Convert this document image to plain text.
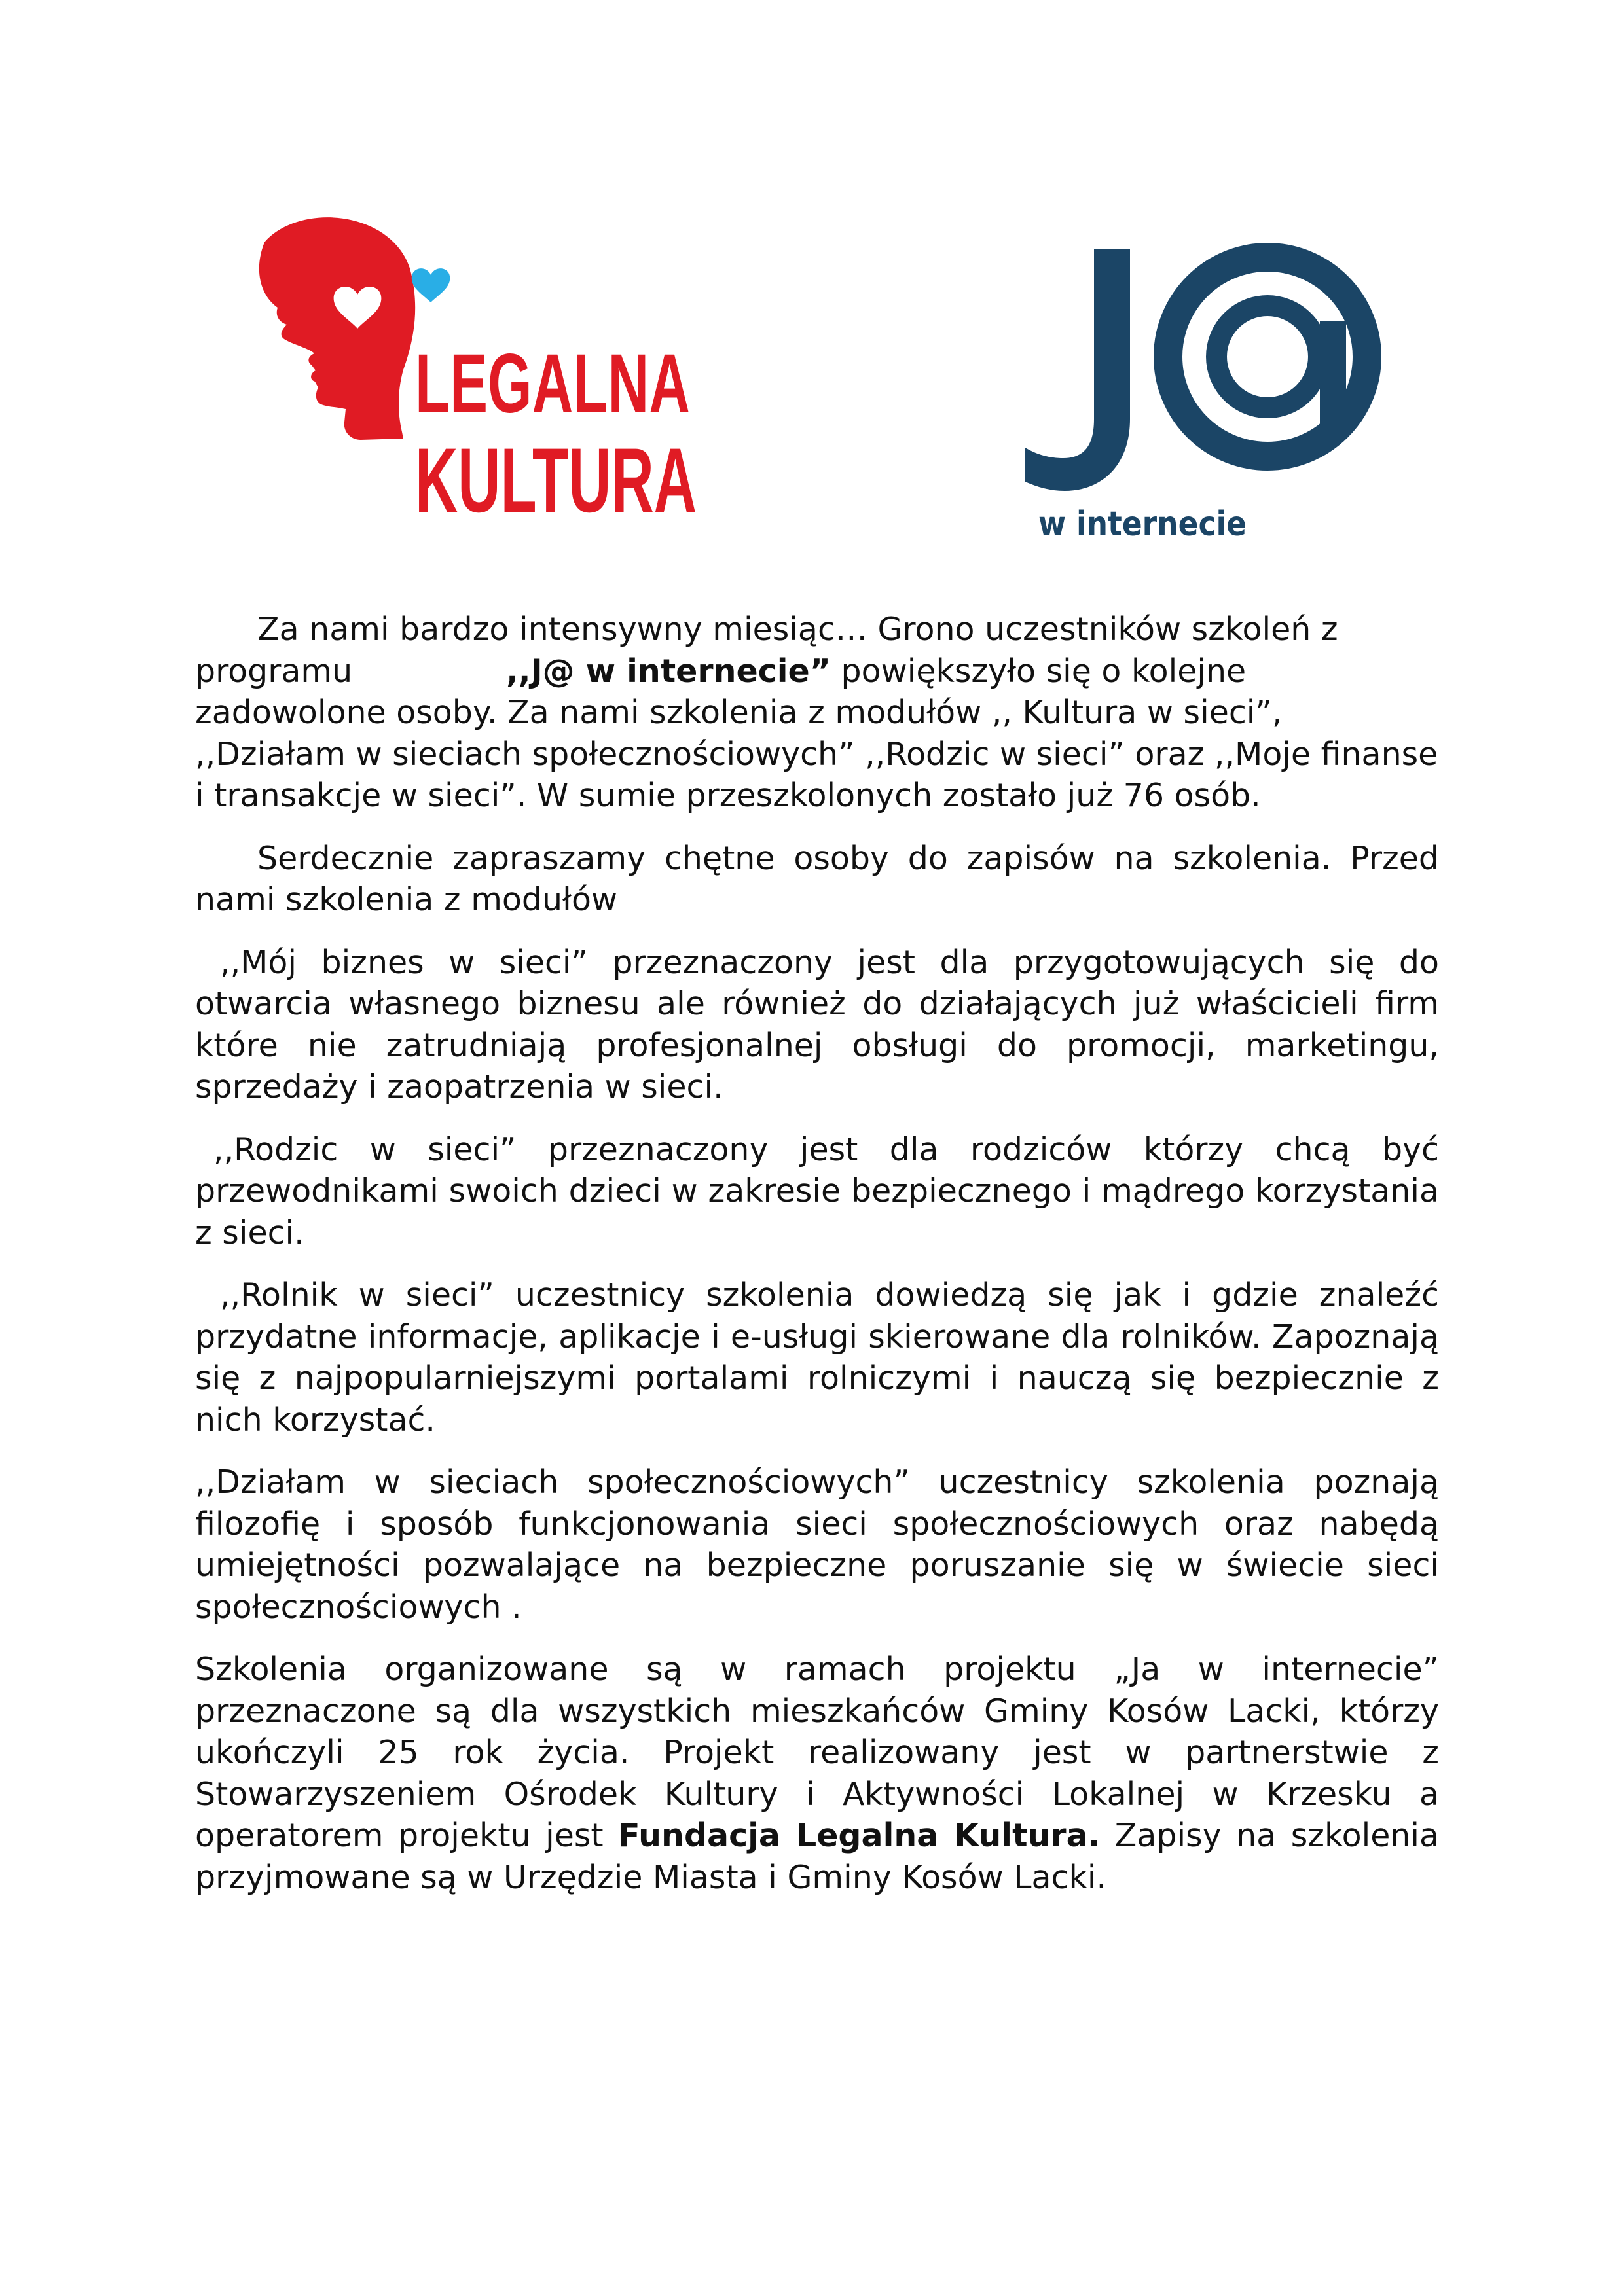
LEGALNA
KULTURA	w internecie

Za nami bardzo intensywny miesiąc… Grono uczestników szkoleń z programu	,,J@ w internecie” powiększyło się o kolejne zadowolone osoby. Za nami szkolenia z modułów ,, Kultura w sieci”, ,,Działam w sieciach społecznościowych” ,,Rodzic w sieci” oraz ,,Moje finanse i transakcje w sieci”. W sumie przeszkolonych zostało już 76 osób.

Serdecznie zapraszamy chętne osoby do zapisów na szkolenia. Przed nami szkolenia z modułów

,,Mój biznes w sieci” przeznaczony jest dla przygotowujących się do otwarcia własnego biznesu ale również do działających już właścicieli firm które nie zatrudniają profesjonalnej obsługi do promocji, marketingu, sprzedaży i zaopatrzenia w sieci.

,,Rodzic w sieci” przeznaczony jest dla rodziców którzy chcą być przewodnikami swoich dzieci w zakresie bezpiecznego i mądrego korzystania z sieci.

,,Rolnik w sieci” uczestnicy szkolenia dowiedzą się jak i gdzie znaleźć przydatne informacje, aplikacje i e-usługi skierowane dla rolników. Zapoznają się z najpopularniejszymi portalami rolniczymi i nauczą się bezpiecznie z nich korzystać.

,,Działam w sieciach społecznościowych” uczestnicy szkolenia poznają filozofię i sposób funkcjonowania sieci społecznościowych oraz nabędą umiejętności pozwalające na bezpieczne poruszanie się w świecie sieci społecznościowych .

Szkolenia organizowane są w ramach projektu „Ja w internecie” przeznaczone są dla wszystkich mieszkańców Gminy Kosów Lacki, którzy ukończyli 25 rok życia. Projekt realizowany jest w partnerstwie z Stowarzyszeniem Ośrodek Kultury i Aktywności Lokalnej w Krzesku a operatorem projektu jest Fundacja Legalna Kultura. Zapisy na szkolenia przyjmowane są w Urzędzie Miasta i Gminy Kosów Lacki.
